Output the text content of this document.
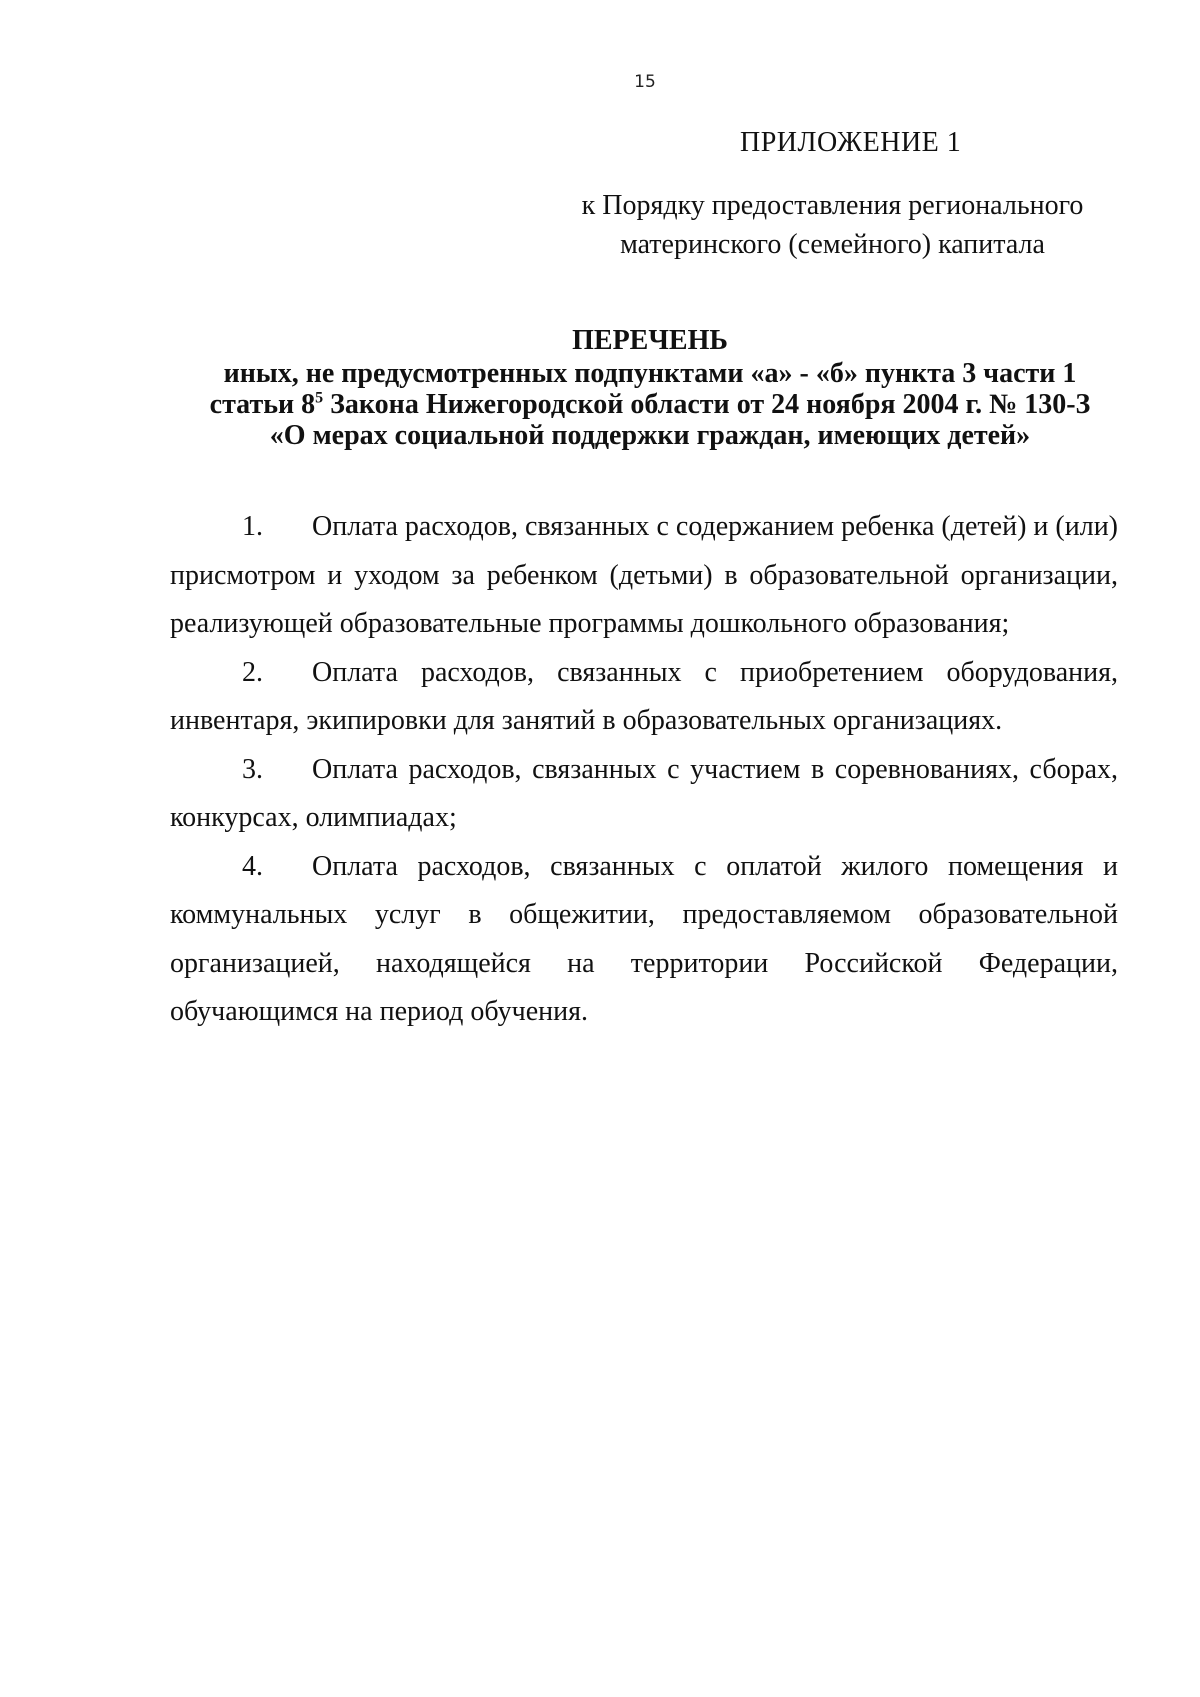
15
ПРИЛОЖЕНИЕ 1
к Порядку предоставления регионального
материнского (семейного) капитала
ПЕРЕЧЕНЬ
иных, не предусмотренных подпунктами «а» - «б» пункта 3 части 1
статьи $8^5$ Закона Нижегородской области от 24 ноября 2004 г. № 130-З
«О мерах социальной поддержки граждан, имеющих детей»

1. Оплата расходов, связанных с содержанием ребенка (детей) и (или) присмотром и уходом за ребенком (детьми) в образовательной организации, реализующей образовательные программы дошкольного образования;

2. Оплата расходов, связанных с приобретением оборудования, инвентаря, экипировки для занятий в образовательных организациях.

3. Оплата расходов, связанных с участием в соревнованиях, сборах, конкурсах, олимпиадах;

4. Оплата расходов, связанных с оплатой жилого помещения и коммунальных услуг в общежитии, предоставляемом образовательной организацией, находящейся на территории Российской Федерации, обучающимся на период обучения.
